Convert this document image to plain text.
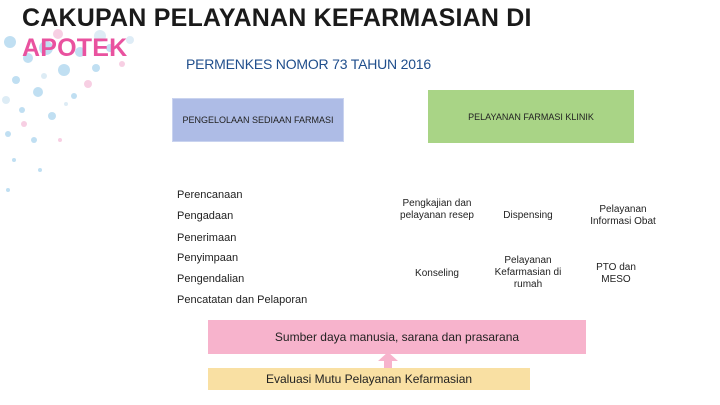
CAKUPAN PELAYANAN KEFARMASIAN DI
APOTEK
PERMENKES NOMOR 73 TAHUN 2016
PENGELOLAAN SEDIAAN FARMASI	PELAYANAN FARMASI KLINIK
Perencanaan
Pengadaan
Penerimaan
Penyimpaan
Pengendalian
Pencatatan dan Pelaporan
Pengkajian dan pelayanan resep	Dispensing
Pelayanan Informasi Obat
Konseling
Pelayanan Kefarmasian di rumah
PTO dan MESO
Sumber daya manusia, sarana dan prasarana
Evaluasi Mutu Pelayanan Kefarmasian
